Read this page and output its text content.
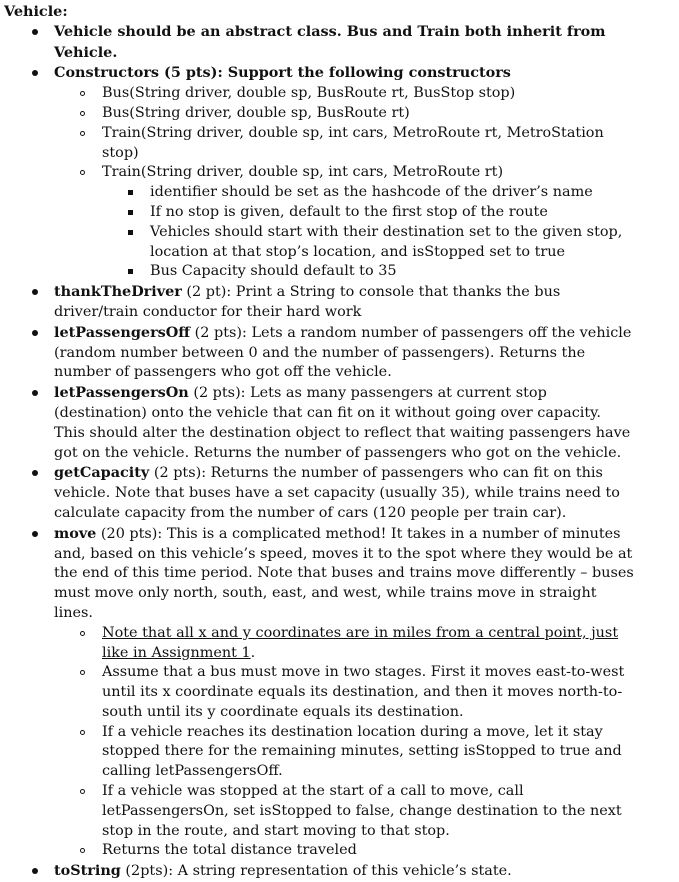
Vehicle:
Vehicle should be an abstract class. Bus and Train both inherit from Vehicle.
Constructors (5 pts): Support the following constructors
Bus(String driver, double sp, BusRoute rt, BusStop stop)
Bus(String driver, double sp, BusRoute rt)
Train(String driver, double sp, int cars, MetroRoute rt, MetroStation stop)
Train(String driver, double sp, int cars, MetroRoute rt)
identifier should be set as the hashcode of the driver’s name
If no stop is given, default to the first stop of the route
Vehicles should start with their destination set to the given stop, location at that stop’s location, and isStopped set to true
Bus Capacity should default to 35
thankTheDriver (2 pt): Print a String to console that thanks the bus driver/train conductor for their hard work
letPassengersOff (2 pts): Lets a random number of passengers off the vehicle (random number between 0 and the number of passengers). Returns the number of passengers who got off the vehicle.
letPassengersOn (2 pts): Lets as many passengers at current stop (destination) onto the vehicle that can fit on it without going over capacity. This should alter the destination object to reflect that waiting passengers have got on the vehicle. Returns the number of passengers who got on the vehicle.
getCapacity (2 pts): Returns the number of passengers who can fit on this vehicle. Note that buses have a set capacity (usually 35), while trains need to calculate capacity from the number of cars (120 people per train car).
move (20 pts): This is a complicated method! It takes in a number of minutes and, based on this vehicle’s speed, moves it to the spot where they would be at the end of this time period. Note that buses and trains move differently – buses must move only north, south, east, and west, while trains move in straight lines.
Note that all x and y coordinates are in miles from a central point, just like in Assignment 1.
Assume that a bus must move in two stages. First it moves east-to-west until its x coordinate equals its destination, and then it moves north-to-south until its y coordinate equals its destination.
If a vehicle reaches its destination location during a move, let it stay stopped there for the remaining minutes, setting isStopped to true and calling letPassengersOff.
If a vehicle was stopped at the start of a call to move, call letPassengersOn, set isStopped to false, change destination to the next stop in the route, and start moving to that stop.
Returns the total distance traveled
toString (2pts): A string representation of this vehicle’s state.
